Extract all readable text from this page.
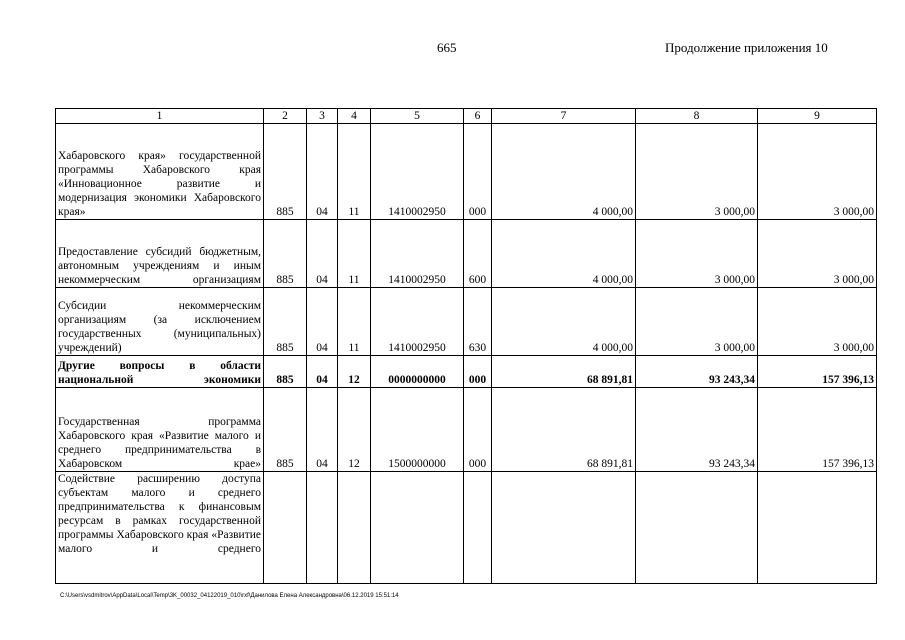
665	Продолжение приложения 10
1	2	3	4	5	6	7	8	9
Хабаровского края» государственной программы Хабаровского края «Инновационное развитие и модернизация экономики Хабаровского края»	885	04	11	1410002950	000	4 000,00	3 000,00	3 000,00
Предоставление субсидий бюджетным, автономным учреждениям и иным некоммерческим организациям	885	04	11	1410002950	600	4 000,00	3 000,00	3 000,00
Субсидии некоммерческим организациям (за исключением государственных (муниципальных) учреждений)	885	04	11	1410002950	630	4 000,00	3 000,00	3 000,00
Другие вопросы в области национальной экономики	885	04	12	0000000000	000	68 891,81	93 243,34	157 396,13
Государственная программа Хабаровского края «Развитие малого и среднего предпринимательства в Хабаровском крае»	885	04	12	1500000000	000	68 891,81	93 243,34	157 396,13
Содействие расширению доступа субъектам малого и среднего предпринимательства к финансовым ресурсам в рамках государственной программы Хабаровского края «Развитие малого и среднего								
C:\Users\vsdmitrov\AppData\Local\Temp\3K_00032_04122019_010\rxf\Данилова Елена Александровна\06.12.2019 15:51:14
